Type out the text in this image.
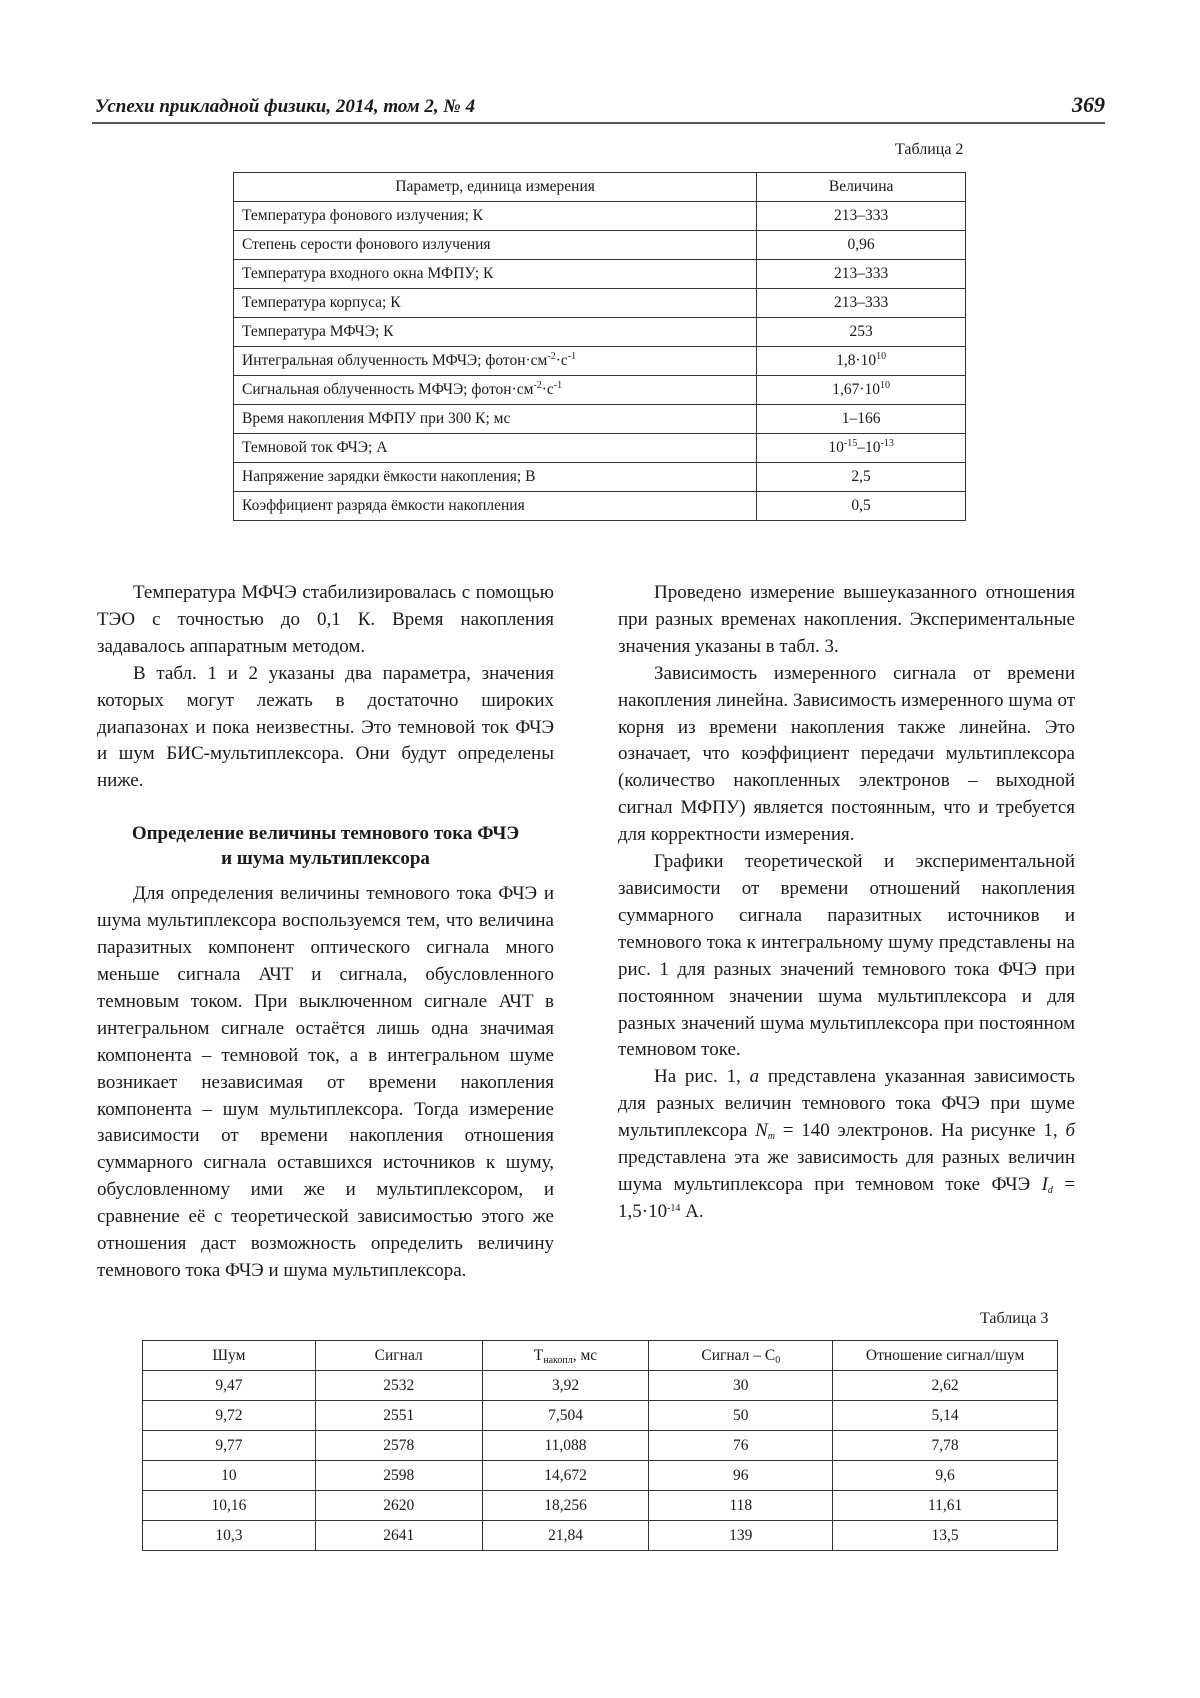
Успехи прикладной физики, 2014, том 2, № 4	369
Таблица 2
Параметр, единица измерения	Величина
Температура фонового излучения; К	213–333
Степень серости фонового излучения	0,96
Температура входного окна МФПУ; К	213–333
Температура корпуса; К	213–333
Температура МФЧЭ; К	253
Интегральная облученность МФЧЭ; $фотон\cdot см^{-2}\cdot с^{-1}$	$1,8\cdot 10^{10}$
Сигнальная облученность МФЧЭ; $фотон\cdot см^{-2}\cdot с^{-1}$	$1,67\cdot 10^{10}$
Время накопления МФПУ при 300 К; мс	1–166
Темновой ток ФЧЭ; А	$10^{-15}-10^{-13}$
Напряжение зарядки ёмкости накопления; В	2,5
Коэффициент разряда ёмкости накопления	0,5

Температура МФЧЭ стабилизировалась с помощью ТЭО с точностью до 0,1 К. Время накопления задавалось аппаратным методом.

В табл. 1 и 2 указаны два параметра, значения которых могут лежать в достаточно широких диапазонах и пока неизвестны. Это темновой ток ФЧЭ и шум БИС-мультиплексора. Они будут определены ниже.

Определение величины темнового тока ФЧЭ
и шума мультиплексора

Для определения величины темнового тока ФЧЭ и шума мультиплексора воспользуемся тем, что величина паразитных компонент оптического сигнала много меньше сигнала АЧТ и сигнала, обусловленного темновым током. При выключенном сигнале АЧТ в интегральном сигнале остаётся лишь одна значимая компонента – темновой ток, а в интегральном шуме возникает независимая от времени накопления компонента – шум мультиплексора. Тогда измерение зависимости от времени накопления отношения суммарного сигнала оставшихся источников к шуму, обусловленному ими же и мультиплексором, и сравнение её с теоретической зависимостью этого же отношения даст возможность определить величину темнового тока ФЧЭ и шума мультиплексора.

Проведено измерение вышеуказанного отношения при разных временах накопления. Экспериментальные значения указаны в табл. 3.

Зависимость измеренного сигнала от времени накопления линейна. Зависимость измеренного шума от корня из времени накопления также линейна. Это означает, что коэффициент передачи мультиплексора (количество накопленных электронов – выходной сигнал МФПУ) является постоянным, что и требуется для корректности измерения.

Графики теоретической и экспериментальной зависимости от времени отношений накопления суммарного сигнала паразитных источников и темнового тока к интегральному шуму представлены на рис. 1 для разных значений темнового тока ФЧЭ при постоянном значении шума мультиплексора и для разных значений шума мультиплексора при постоянном темновом токе.

На рис. 1, а представлена указанная зависимость для разных величин темнового тока ФЧЭ при шуме мультиплексора $N_m = 140$ электронов. На рисунке 1, б представлена эта же зависимость для разных величин шума мультиплексора при темновом токе ФЧЭ $I_d = 1,5\cdot 10^{-14}$ А.

Таблица 3
Шум	Сигнал	$T_{накопл}$, мс	Сигнал – $C_0$	Отношение сигнал/шум
9,47	2532	3,92	30	2,62
9,72	2551	7,504	50	5,14
9,77	2578	11,088	76	7,78
10	2598	14,672	96	9,6
10,16	2620	18,256	118	11,61
10,3	2641	21,84	139	13,5
